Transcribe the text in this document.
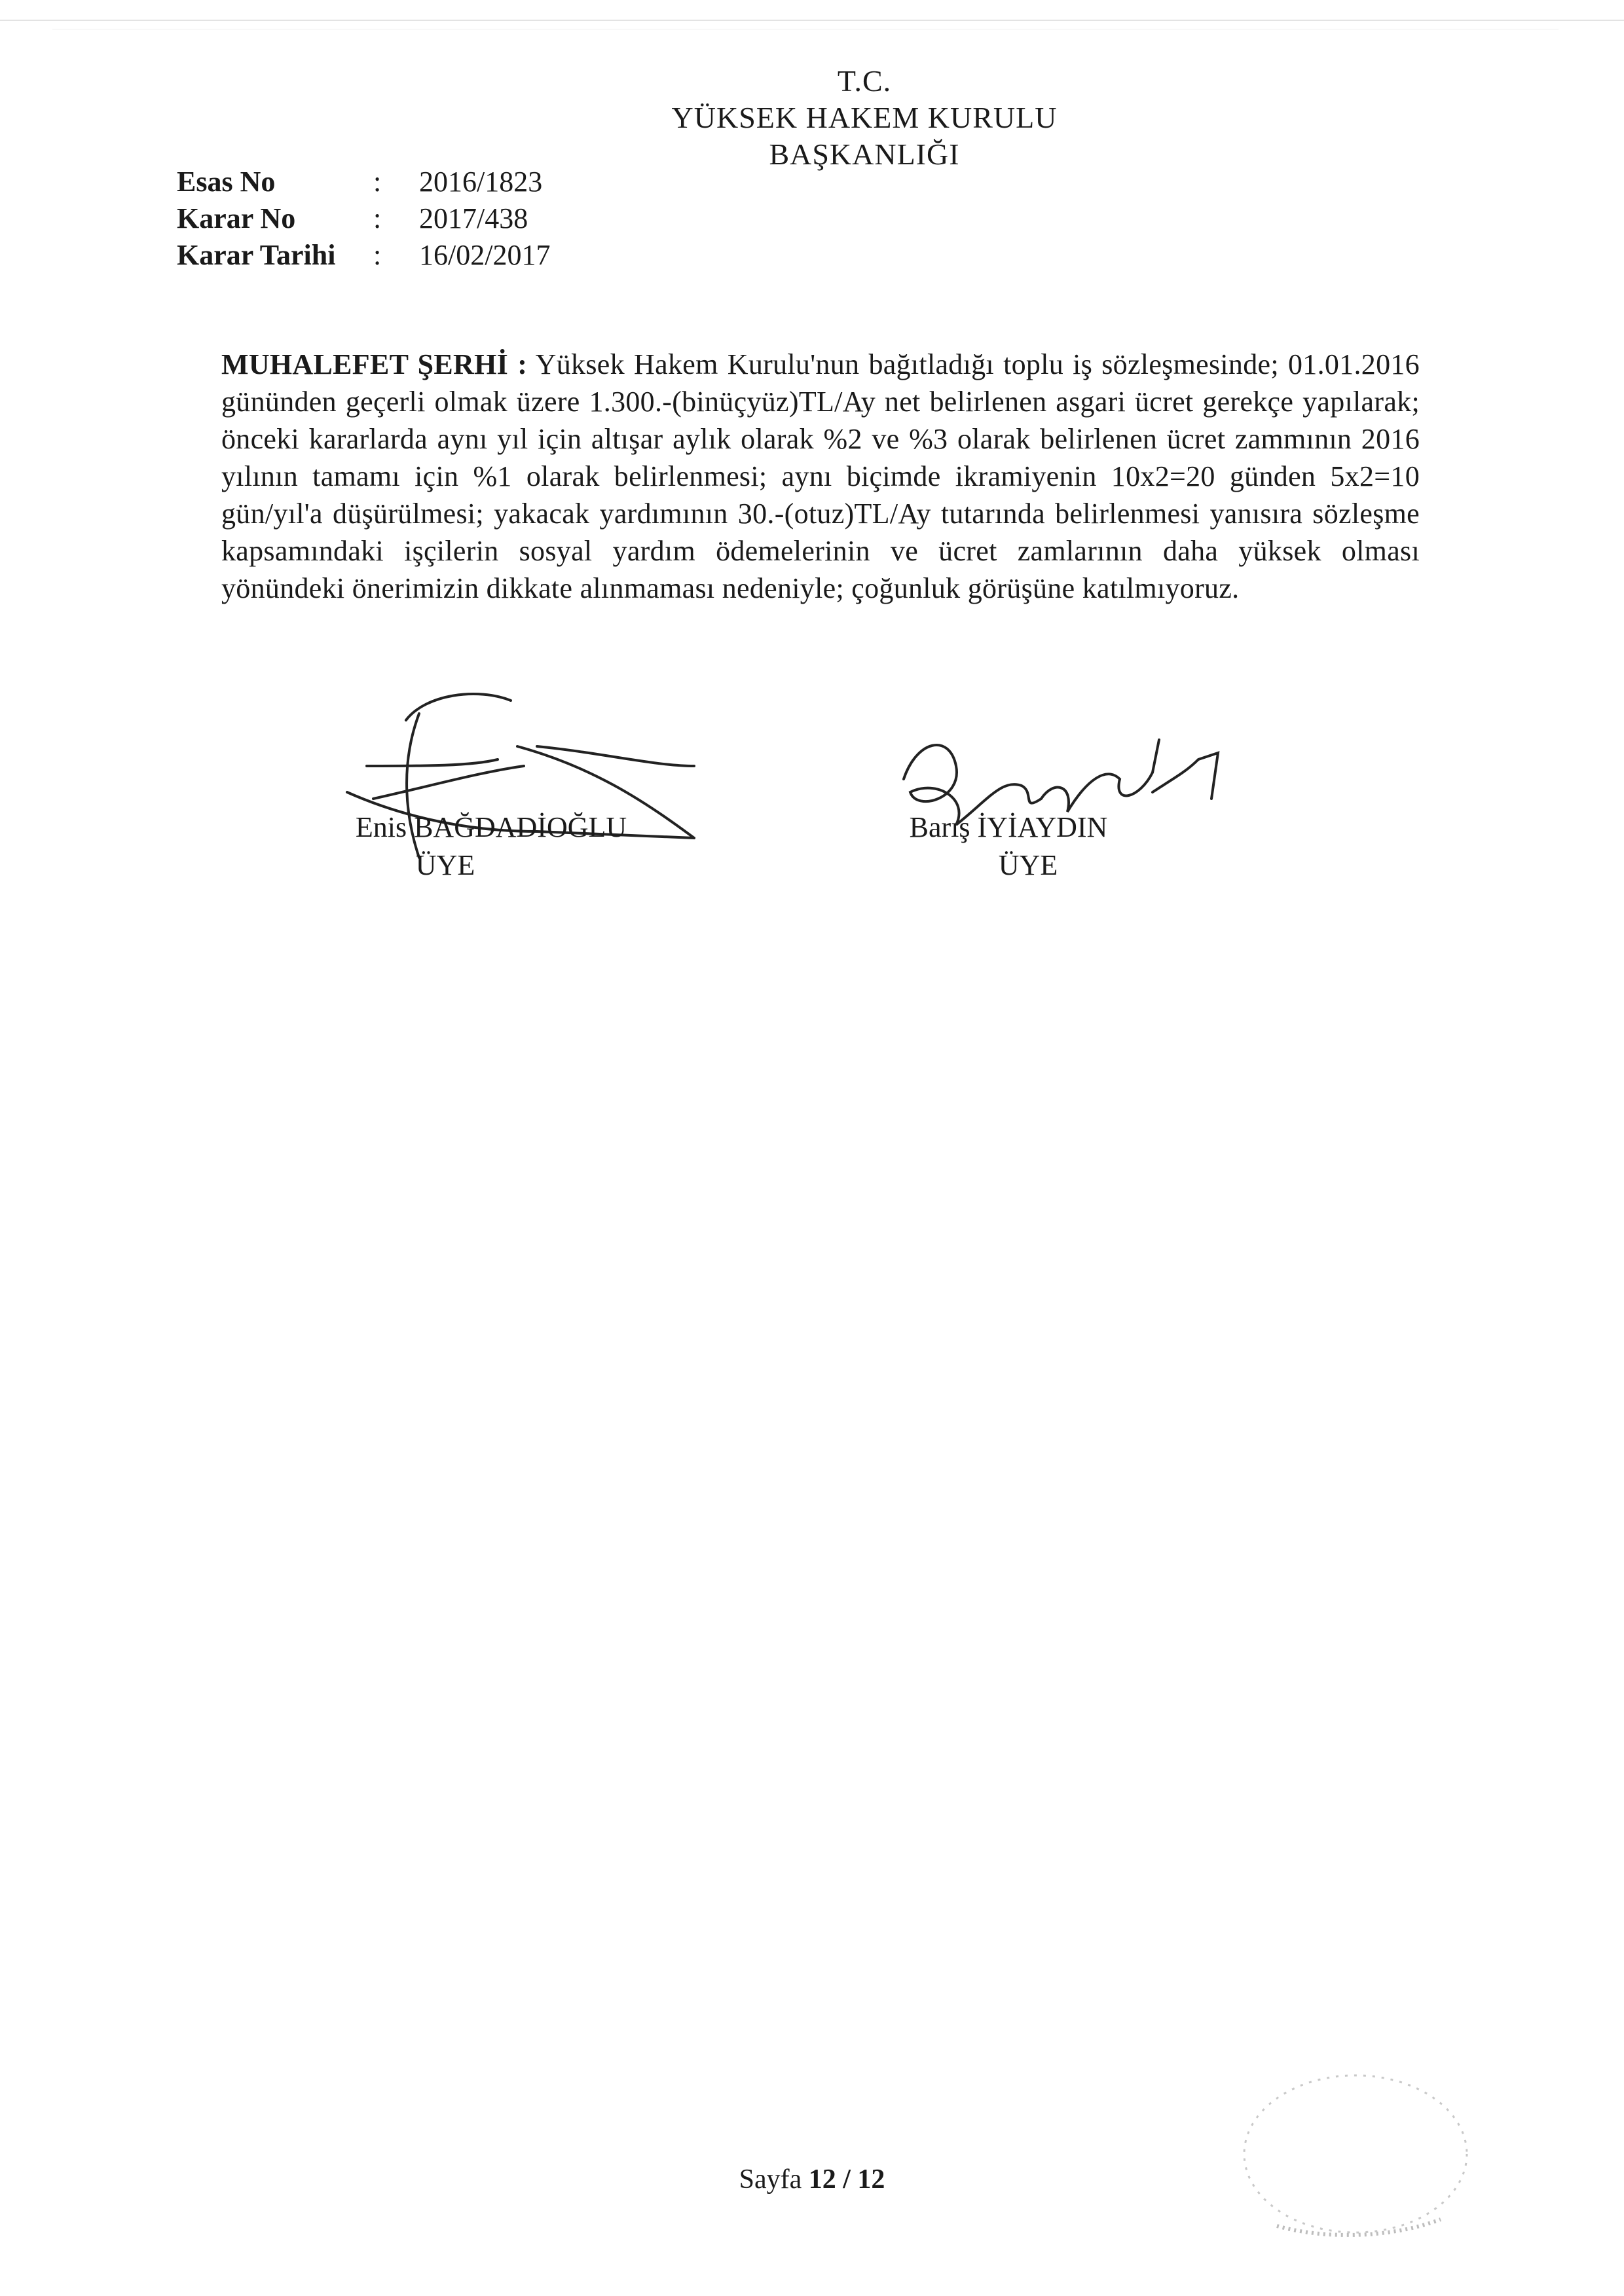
T.C.
YÜKSEK HAKEM KURULU
BAŞKANLIĞI
Esas No	:	2016/1823
Karar No	:	2017/438
Karar Tarihi	:	16/02/2017
MUHALEFET ŞERHİ : Yüksek Hakem Kurulu'nun bağıtladığı toplu iş sözleşmesinde; 01.01.2016 gününden geçerli olmak üzere 1.300.-(binüçyüz)TL/Ay net belirlenen asgari ücret gerekçe yapılarak; önceki kararlarda aynı yıl için altışar aylık olarak %2 ve %3 olarak belirlenen ücret zammının 2016 yılının tamamı için %1 olarak belirlenmesi; aynı biçimde ikramiyenin 10x2=20 günden 5x2=10 gün/yıl'a düşürülmesi; yakacak yardımının 30.-(otuz)TL/Ay tutarında belirlenmesi yanısıra sözleşme kapsamındaki işçilerin sosyal yardım ödemelerinin ve ücret zamlarının daha yüksek olması yönündeki önerimizin dikkate alınmaması nedeniyle; çoğunluk görüşüne katılmıyoruz.
Enis BAĞDADİOĞLU
ÜYE
Barış İYİAYDIN
ÜYE
Sayfa 12 / 12
